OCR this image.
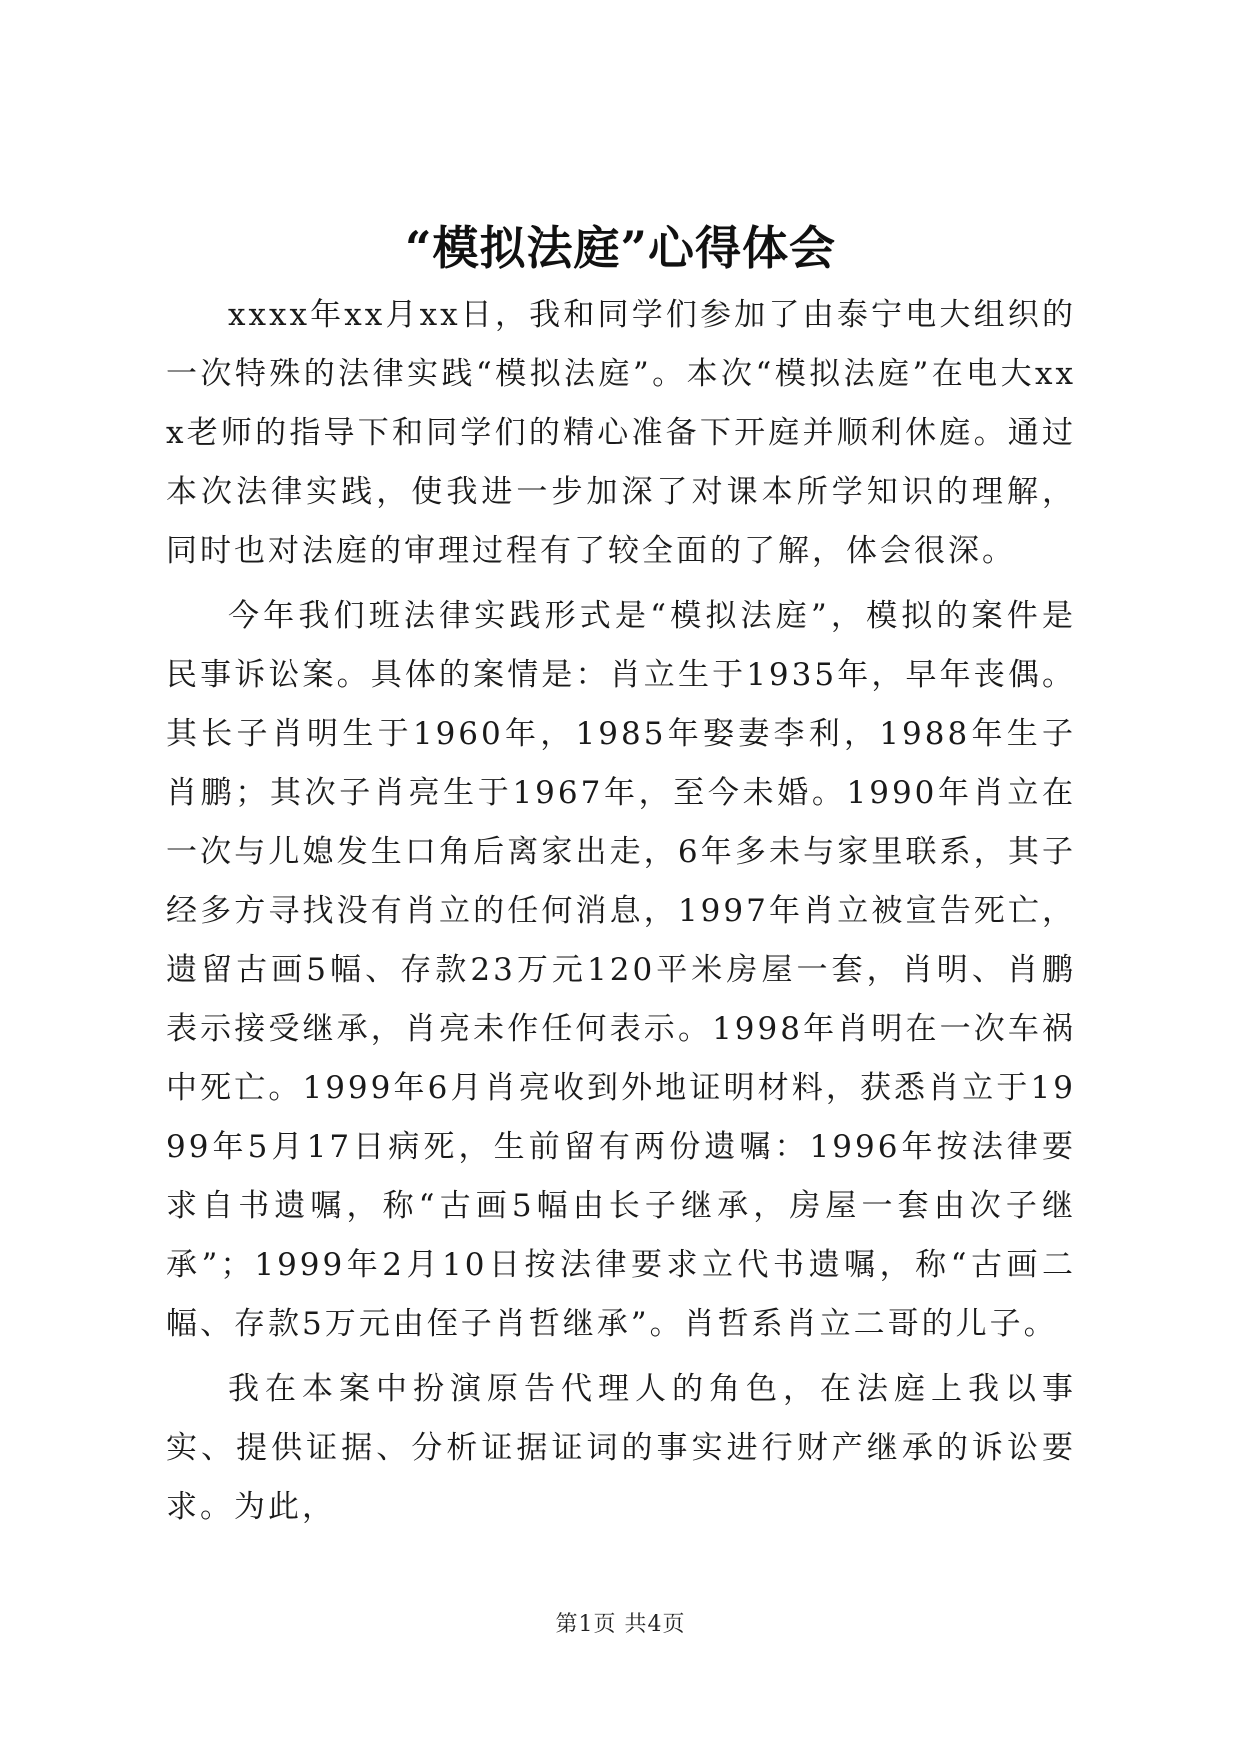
“模拟法庭”心得体会

xxxx年xx月xx日，我和同学们参加了由泰宁电大组织的一次特殊的法律实践“模拟法庭”。本次“模拟法庭”在电大xxx老师的指导下和同学们的精心准备下开庭并顺利休庭。通过本次法律实践，使我进一步加深了对课本所学知识的理解，同时也对法庭的审理过程有了较全面的了解，体会很深。

今年我们班法律实践形式是“模拟法庭”，模拟的案件是民事诉讼案。具体的案情是：肖立生于1935年，早年丧偶。其长子肖明生于1960年，1985年娶妻李利，1988年生子肖鹏；其次子肖亮生于1967年，至今未婚。1990年肖立在一次与儿媳发生口角后离家出走，6年多未与家里联系，其子经多方寻找没有肖立的任何消息，1997年肖立被宣告死亡，遗留古画5幅、存款23万元120平米房屋一套，肖明、肖鹏表示接受继承，肖亮未作任何表示。1998年肖明在一次车祸中死亡。1999年6月肖亮收到外地证明材料，获悉肖立于1999年5月17日病死，生前留有两份遗嘱：1996年按法律要求自书遗嘱，称“古画5幅由长子继承，房屋一套由次子继承”；1999年2月10日按法律要求立代书遗嘱，称“古画二幅、存款5万元由侄子肖哲继承”。肖哲系肖立二哥的儿子。

我在本案中扮演原告代理人的角色，在法庭上我以事实、提供证据、分析证据证词的事实进行财产继承的诉讼要求。为此，

第1页 共4页
